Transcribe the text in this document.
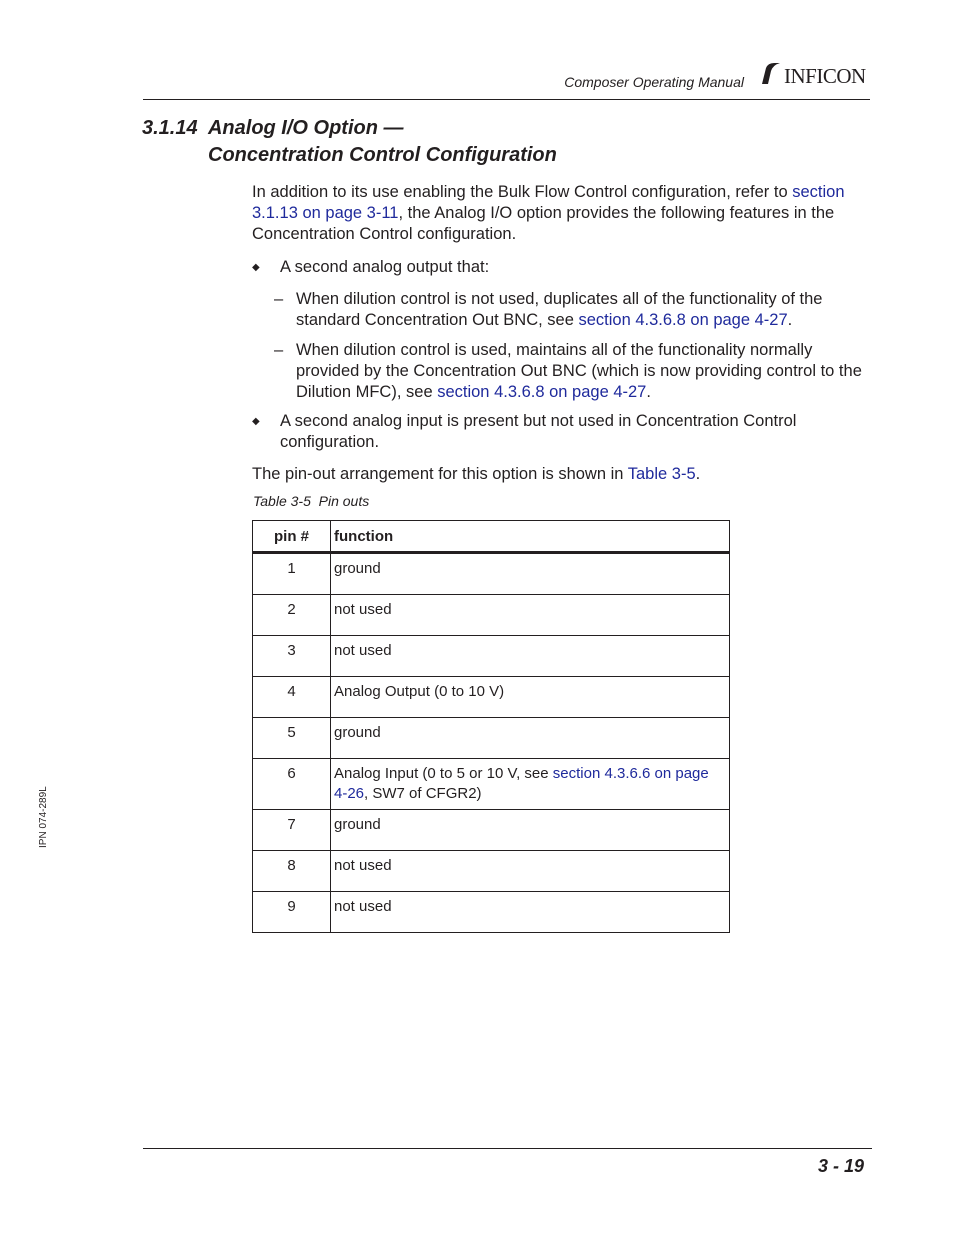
Composer Operating Manual INFICON
3.1.14  Analog I/O Option —
Concentration Control Configuration
In addition to its use enabling the Bulk Flow Control configuration, refer to section 3.1.13 on page 3-11, the Analog I/O option provides the following features in the Concentration Control configuration.
◆ A second analog output that:
– When dilution control is not used, duplicates all of the functionality of the standard Concentration Out BNC, see section 4.3.6.8 on page 4-27.
– When dilution control is used, maintains all of the functionality normally provided by the Concentration Out BNC (which is now providing control to the Dilution MFC), see section 4.3.6.8 on page 4-27.
◆ A second analog input is present but not used in Concentration Control configuration.
The pin-out arrangement for this option is shown in Table 3-5.
Table 3-5  Pin outs
pin #	function
1	ground
2	not used
3	not used
4	Analog Output (0 to 10 V)
5	ground
6	Analog Input (0 to 5 or 10 V, see section 4.3.6.6 on page 4-26, SW7 of CFGR2)
7	ground
8	not used
9	not used
IPN 074-289L
3 - 19
